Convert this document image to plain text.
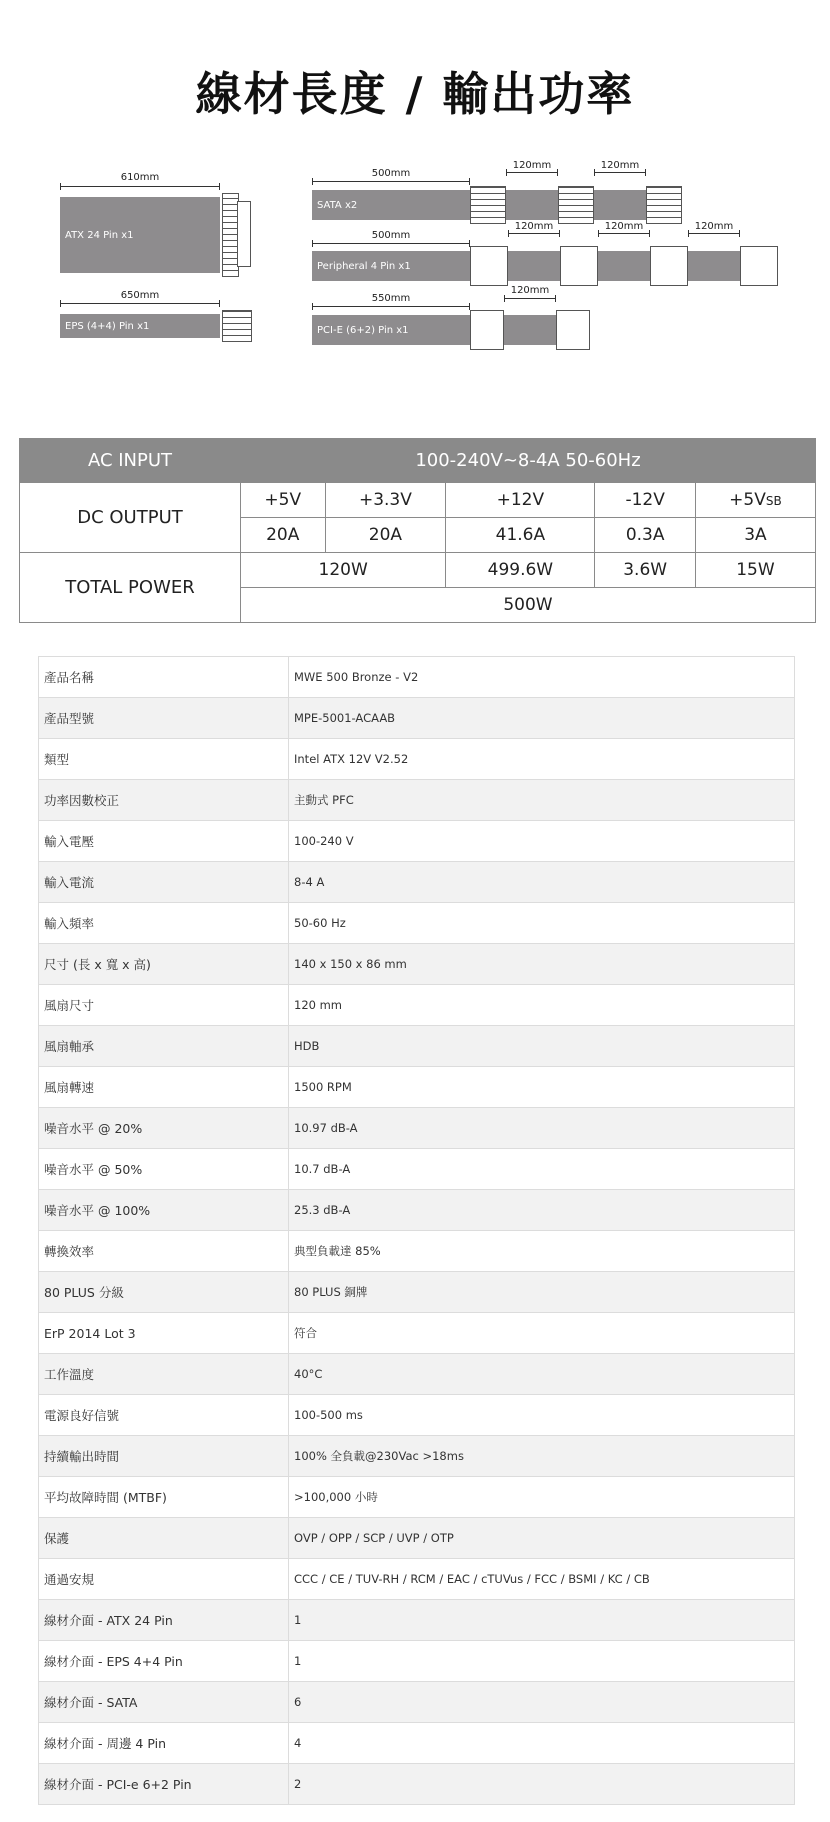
線材長度 / 輸出功率
610mm
ATX 24 Pin x1
650mm
EPS (4+4) Pin x1
500mm
SATA x2
120mm	120mm
500mm
Peripheral 4 Pin x1
120mm	120mm	120mm
550mm
PCI-E (6+2) Pin x1
120mm
AC INPUT	100-240V~8-4A 50-60Hz				
DC OUTPUT	+5V	+3.3V	+12V	-12V	+5VSB
	20A	20A	41.6A	0.3A	3A
TOTAL POWER	120W		499.6W	3.6W	15W
	500W				
產品名稱	MWE 500 Bronze - V2
產品型號	MPE-5001-ACAAB
類型	Intel ATX 12V V2.52
功率因數校正	主動式 PFC
輸入電壓	100-240 V
輸入電流	8-4 A
輸入頻率	50-60 Hz
尺寸 (長 x 寬 x 高)	140 x 150 x 86 mm
風扇尺寸	120 mm
風扇軸承	HDB
風扇轉速	1500 RPM
噪音水平 @ 20%	10.97 dB-A
噪音水平 @ 50%	10.7 dB-A
噪音水平 @ 100%	25.3 dB-A
轉換效率	典型負載達 85%
80 PLUS 分級	80 PLUS 銅牌
ErP 2014 Lot 3	符合
工作溫度	40°C
電源良好信號	100-500 ms
持續輸出時間	100% 全負載@230Vac >18ms
平均故障時間 (MTBF)	>100,000 小時
保護	OVP / OPP / SCP / UVP / OTP
通過安規	CCC / CE / TUV-RH / RCM / EAC / cTUVus / FCC / BSMI / KC / CB
線材介面 - ATX 24 Pin	1
線材介面 - EPS 4+4 Pin	1
線材介面 - SATA	6
線材介面 - 周邊 4 Pin	4
線材介面 - PCI-e 6+2 Pin	2
